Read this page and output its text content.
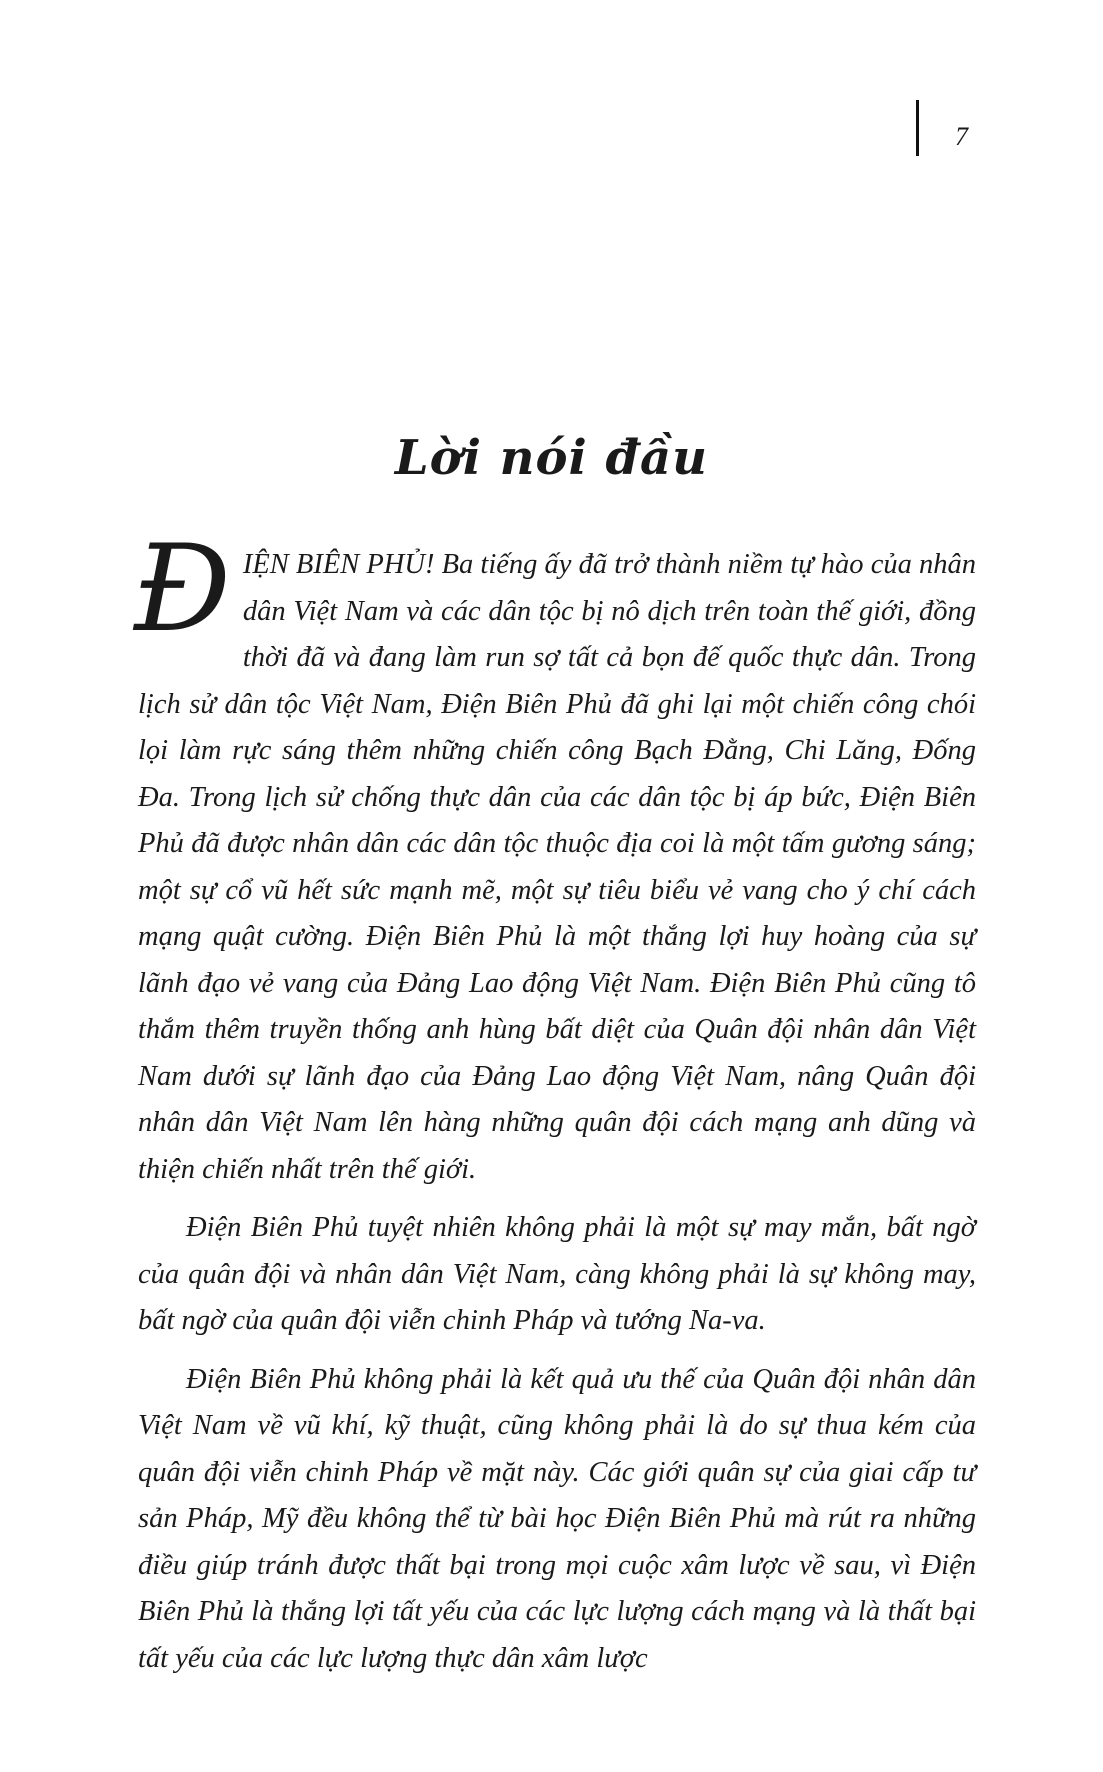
7
Lời nói đầu

ĐIỆN BIÊN PHỦ! Ba tiếng ấy đã trở thành niềm tự hào của nhân dân Việt Nam và các dân tộc bị nô dịch trên toàn thế giới, đồng thời đã và đang làm run sợ tất cả bọn đế quốc thực dân. Trong lịch sử dân tộc Việt Nam, Điện Biên Phủ đã ghi lại một chiến công chói lọi làm rực sáng thêm những chiến công Bạch Đằng, Chi Lăng, Đống Đa. Trong lịch sử chống thực dân của các dân tộc bị áp bức, Điện Biên Phủ đã được nhân dân các dân tộc thuộc địa coi là một tấm gương sáng; một sự cổ vũ hết sức mạnh mẽ, một sự tiêu biểu vẻ vang cho ý chí cách mạng quật cường. Điện Biên Phủ là một thắng lợi huy hoàng của sự lãnh đạo vẻ vang của Đảng Lao động Việt Nam. Điện Biên Phủ cũng tô thắm thêm truyền thống anh hùng bất diệt của Quân đội nhân dân Việt Nam dưới sự lãnh đạo của Đảng Lao động Việt Nam, nâng Quân đội nhân dân Việt Nam lên hàng những quân đội cách mạng anh dũng và thiện chiến nhất trên thế giới.

Điện Biên Phủ tuyệt nhiên không phải là một sự may mắn, bất ngờ của quân đội và nhân dân Việt Nam, càng không phải là sự không may, bất ngờ của quân đội viễn chinh Pháp và tướng Na-va.

Điện Biên Phủ không phải là kết quả ưu thế của Quân đội nhân dân Việt Nam về vũ khí, kỹ thuật, cũng không phải là do sự thua kém của quân đội viễn chinh Pháp về mặt này. Các giới quân sự của giai cấp tư sản Pháp, Mỹ đều không thể từ bài học Điện Biên Phủ mà rút ra những điều giúp tránh được thất bại trong mọi cuộc xâm lược về sau, vì Điện Biên Phủ là thắng lợi tất yếu của các lực lượng cách mạng và là thất bại tất yếu của các lực lượng thực dân xâm lược
